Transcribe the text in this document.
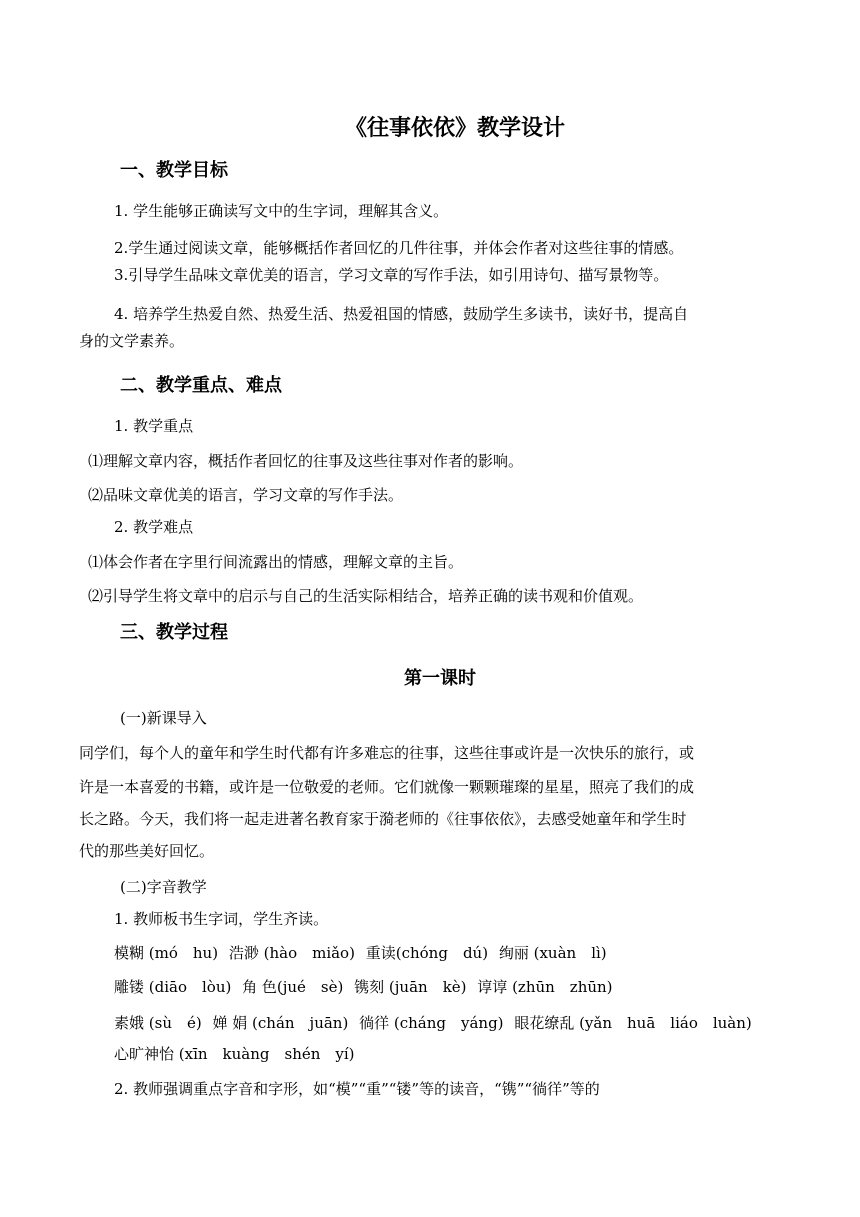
《往事依依》教学设计
一、教学目标
1. 学生能够正确读写文中的生字词，理解其含义。
2.学生通过阅读文章，能够概括作者回忆的几件往事，并体会作者对这些往事的情感。
3.引导学生品味文章优美的语言，学习文章的写作手法，如引用诗句、描写景物等。
4. 培养学生热爱自然、热爱生活、热爱祖国的情感，鼓励学生多读书，读好书，提高自
身的文学素养。
二、教学重点、难点
1. 教学重点
⑴理解文章内容，概括作者回忆的往事及这些往事对作者的影响。
⑵品味文章优美的语言，学习文章的写作手法。
2. 教学难点
⑴体会作者在字里行间流露出的情感，理解文章的主旨。
⑵引导学生将文章中的启示与自己的生活实际相结合，培养正确的读书观和价值观。
三、教学过程
第一课时
(一)新课导入
同学们，每个人的童年和学生时代都有许多难忘的往事，这些往事或许是一次快乐的旅行，或
许是一本喜爱的书籍，或许是一位敬爱的老师。它们就像一颗颗璀璨的星星，照亮了我们的成
长之路。今天，我们将一起走进著名教育家于漪老师的《往事依依》，去感受她童年和学生时
代的那些美好回忆。
(二)字音教学
1. 教师板书生字词，学生齐读。
模糊 (mó　hu) 浩渺 (hào　miǎo) 重读(chóng　dú) 绚丽 (xuàn　lì)
雕镂 (diāo　lòu) 角 色(jué　sè) 镌刻 (juān　kè) 谆谆 (zhūn　zhūn)
素娥 (sù　é) 婵 娟 (chán　juān) 徜徉 (cháng　yáng) 眼花缭乱 (yǎn　huā　liáo　luàn)
心旷神怡 (xīn　kuàng　shén　yí)
2. 教师强调重点字音和字形，如“模”“重”“镂”等的读音，“镌”“徜徉”等的
